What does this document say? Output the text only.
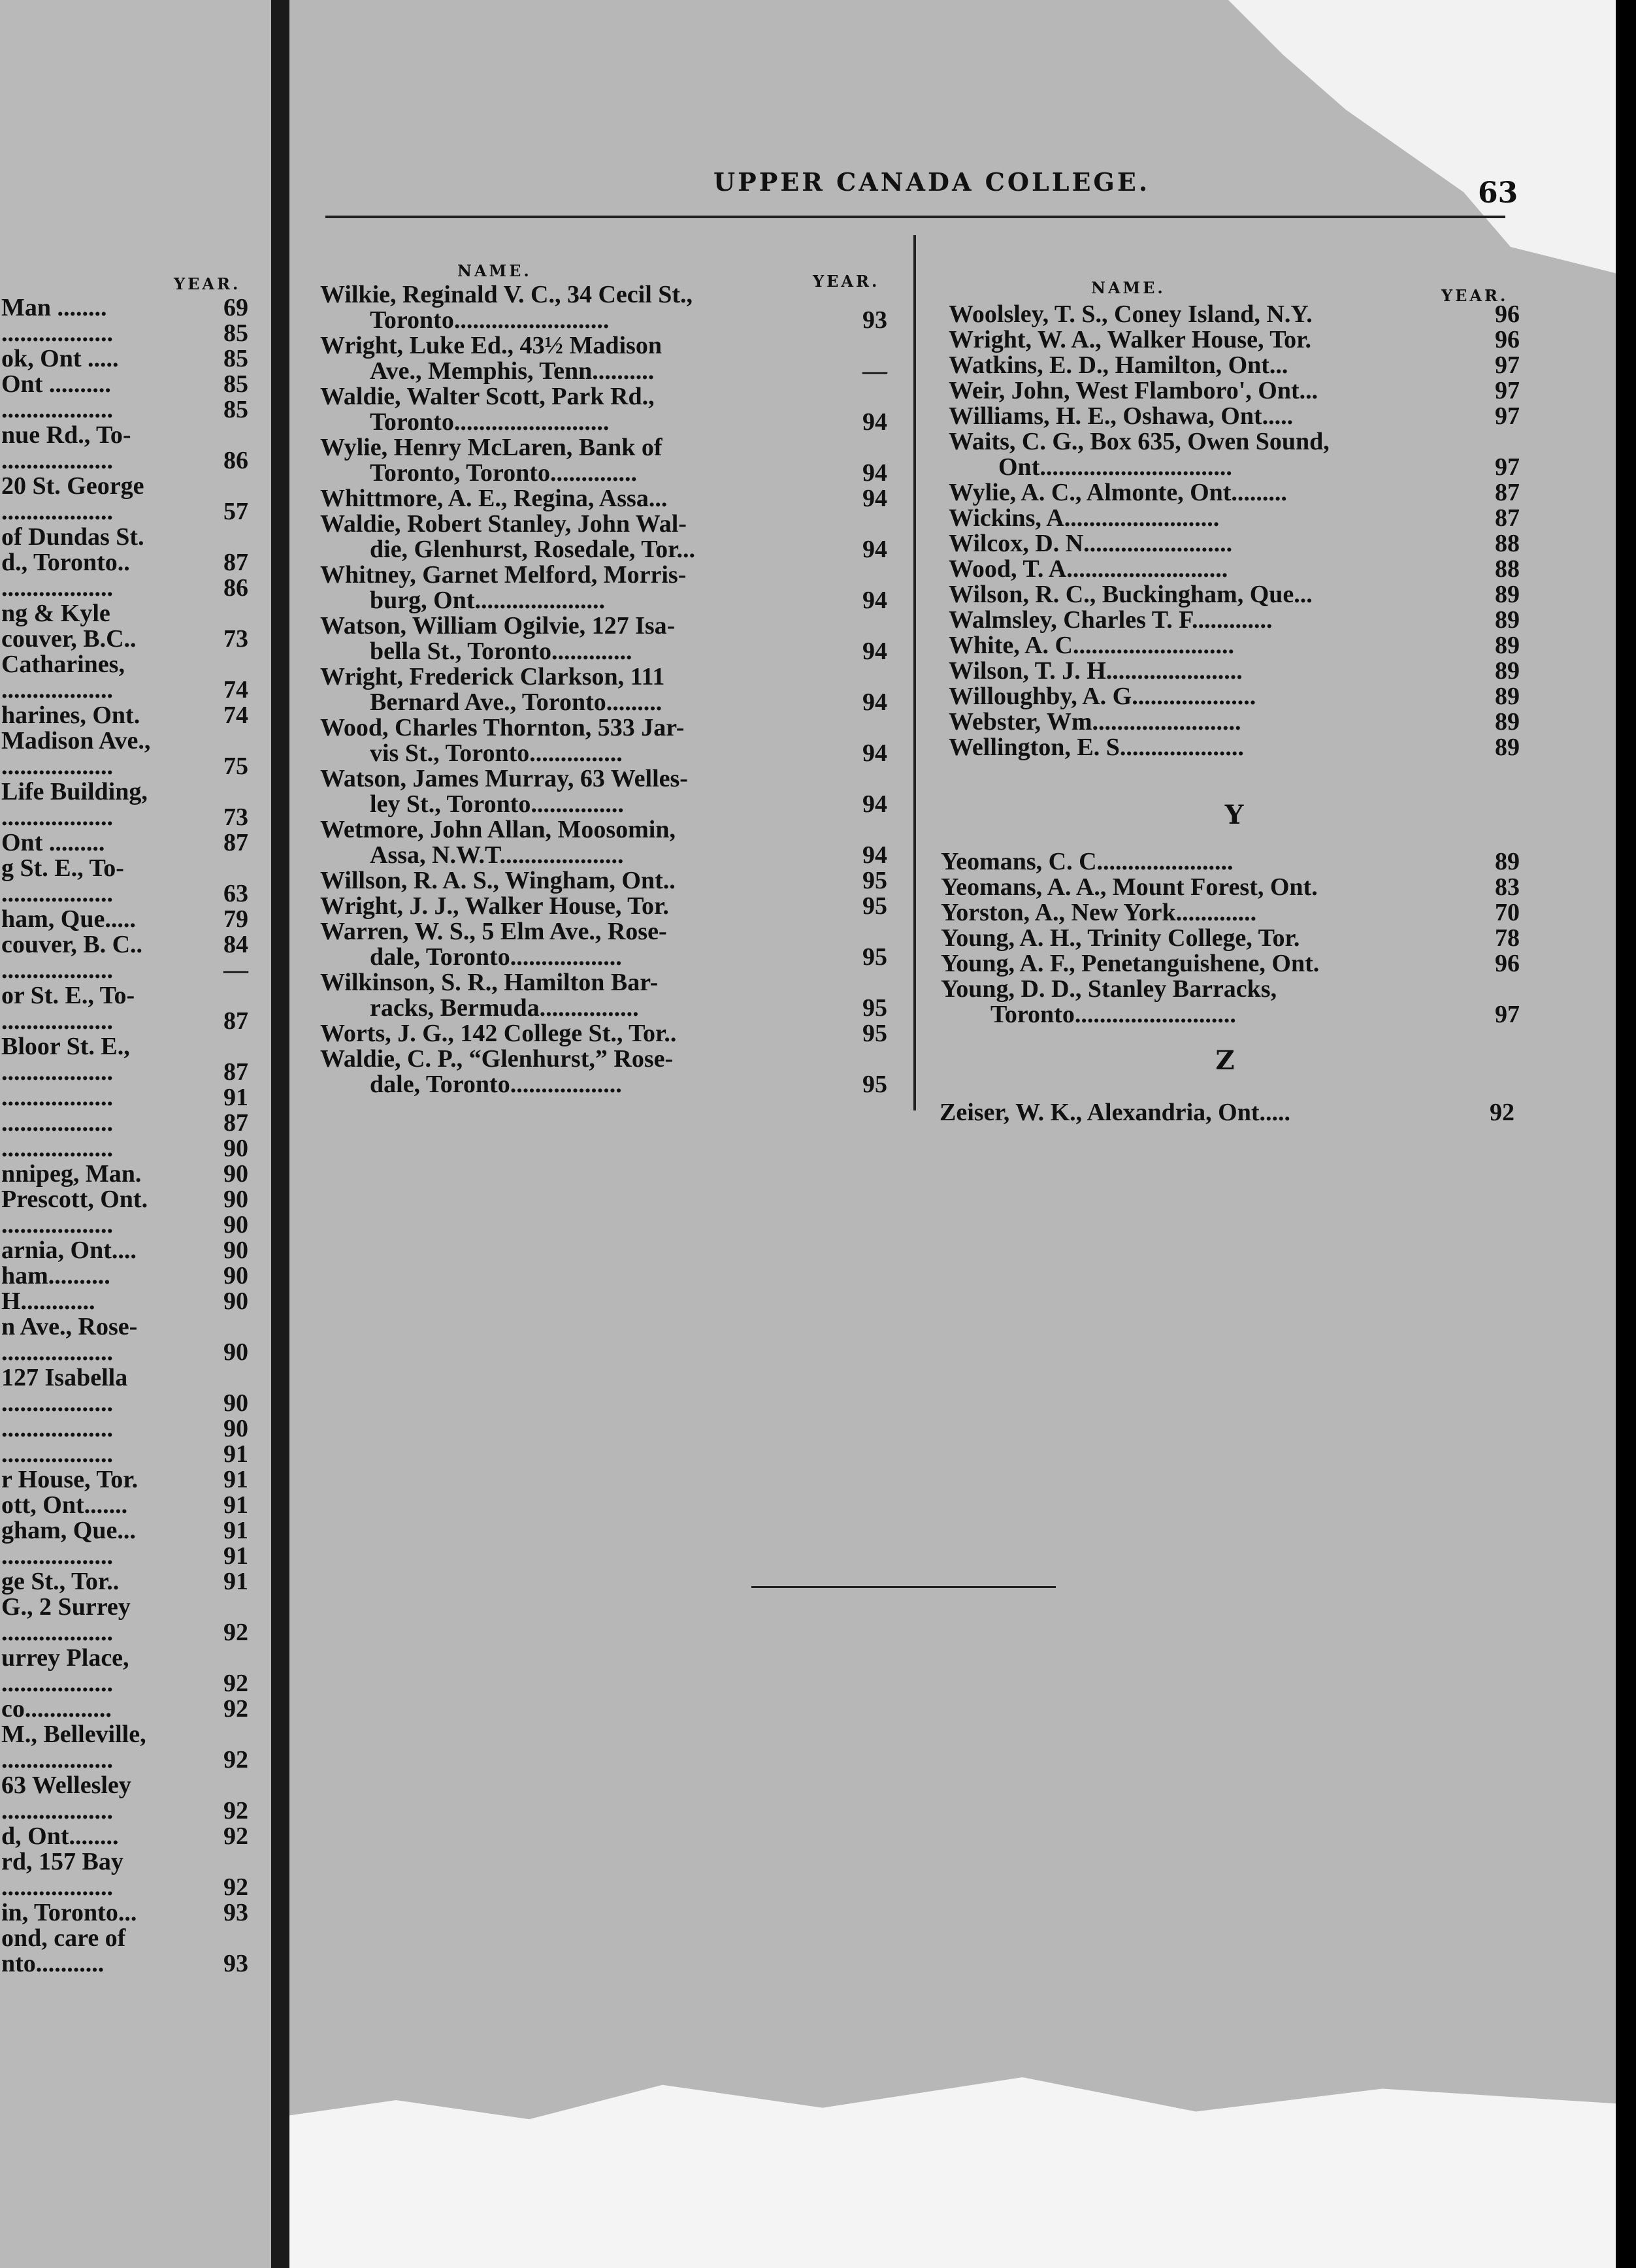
UPPER CANADA COLLEGE.	63
YEAR.
Man ........	69
..................	85
ok, Ont .....	85
Ont ..........	85
..................	85
nue Rd., To-
..................	86
20 St. George
..................	57
of Dundas St.
d., Toronto..	87
..................	86
ng & Kyle
couver, B.C..	73
Catharines,
..................	74
harines, Ont.	74
Madison Ave.,
..................	75
Life Building,
..................	73
Ont .........	87
g St. E., To-
..................	63
ham, Que.....	79
couver, B. C..	84
..................	—
or St. E., To-
..................	87
Bloor St. E.,
..................	87
..................	91
..................	87
..................	90
nnipeg, Man.	90
Prescott, Ont.	90
..................	90
arnia, Ont....	90
ham..........	90
H............	90
n Ave., Rose-
..................	90
127 Isabella
..................	90
..................	90
..................	91
r House, Tor.	91
ott, Ont.......	91
gham, Que...	91
..................	91
ge St., Tor..	91
G., 2 Surrey
..................	92
urrey Place,
..................	92
co..............	92
M., Belleville,
..................	92
63 Wellesley
..................	92
d, Ont........	92
rd, 157 Bay
..................	92
in, Toronto...	93
ond, care of
nto...........	93
NAME.
YEAR.
Wilkie, Reginald V. C., 34 Cecil St.,
Toronto.........................	93
Wright, Luke Ed., 43½ Madison
Ave., Memphis, Tenn..........	—
Waldie, Walter Scott, Park Rd.,
Toronto.........................	94
Wylie, Henry McLaren, Bank of
Toronto, Toronto..............	94
Whittmore, A. E., Regina, Assa...	94
Waldie, Robert Stanley, John Wal-
die, Glenhurst, Rosedale, Tor...	94
Whitney, Garnet Melford, Morris-
burg, Ont.....................	94
Watson, William Ogilvie, 127 Isa-
bella St., Toronto.............	94
Wright, Frederick Clarkson, 111
Bernard Ave., Toronto.........	94
Wood, Charles Thornton, 533 Jar-
vis St., Toronto...............	94
Watson, James Murray, 63 Welles-
ley St., Toronto...............	94
Wetmore, John Allan, Moosomin,
Assa, N.W.T....................	94
Willson, R. A. S., Wingham, Ont..	95
Wright, J. J., Walker House, Tor.	95
Warren, W. S., 5 Elm Ave., Rose-
dale, Toronto..................	95
Wilkinson, S. R., Hamilton Bar-
racks, Bermuda................	95
Worts, J. G., 142 College St., Tor..	95
Waldie, C. P., “Glenhurst,” Rose-
dale, Toronto..................	95
NAME.	YEAR.
Woolsley, T. S., Coney Island, N.Y.	96
Wright, W. A., Walker House, Tor.	96
Watkins, E. D., Hamilton, Ont...	97
Weir, John, West Flamboro', Ont...	97
Williams, H. E., Oshawa, Ont.....	97
Waits, C. G., Box 635, Owen Sound,
Ont...............................	97
Wylie, A. C., Almonte, Ont.........	87
Wickins, A.........................	87
Wilcox, D. N........................	88
Wood, T. A..........................	88
Wilson, R. C., Buckingham, Que...	89
Walmsley, Charles T. F.............	89
White, A. C..........................	89
Wilson, T. J. H......................	89
Willoughby, A. G....................	89
Webster, Wm........................	89
Wellington, E. S....................	89
Y
Yeomans, C. C......................	89
Yeomans, A. A., Mount Forest, Ont.	83
Yorston, A., New York.............	70
Young, A. H., Trinity College, Tor.	78
Young, A. F., Penetanguishene, Ont.	96
Young, D. D., Stanley Barracks,
Toronto..........................	97
Z
Zeiser, W. K., Alexandria, Ont.....	92
